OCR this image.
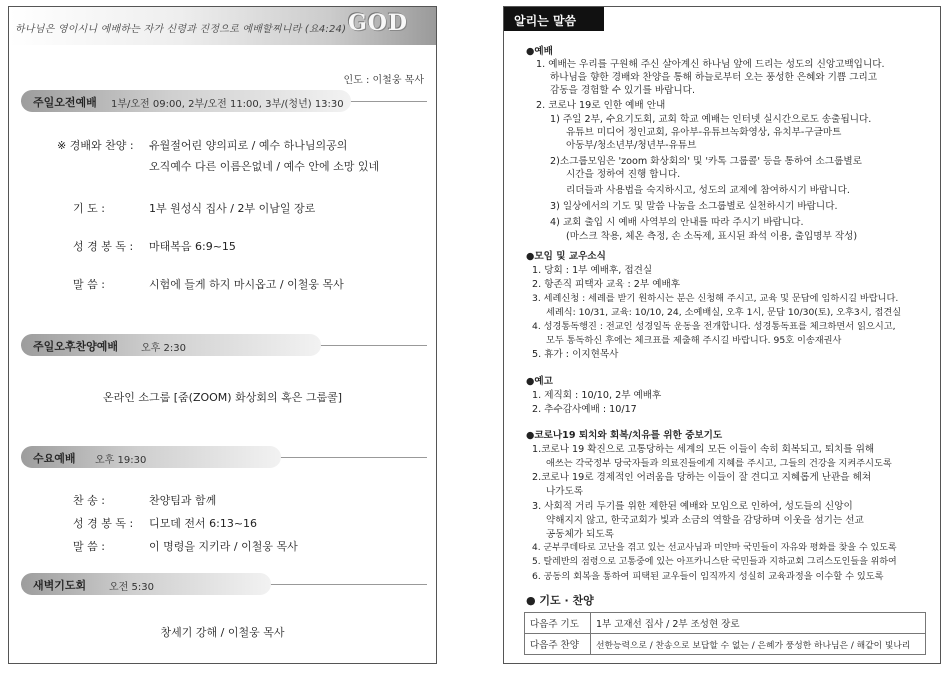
하나님은 영이시니 예배하는 자가 신령과 진정으로 예배할찌니라 (요4:24) GOD
인도 : 이철웅 목사
주일오전예배 1부/오전 09:00, 2부/오전 11:00, 3부/(청년) 13:30
※ 경배와 찬양 : 유월절어린 양의피로 / 예수 하나님의공의
오직예수 다른 이름은없네 / 예수 안에 소망 있네
기 도 :	1부 원성식 집사 / 2부 이남일 장로
성 경 봉 독 : 마태복음 6:9~15
말 씀 :	시험에 들게 하지 마시옵고 / 이철웅 목사
주일오후찬양예배 오후 2:30
온라인 소그룹 [줌(ZOOM) 화상회의 혹은 그룹콜]
수요예배 오후 19:30
찬 송 :	찬양팀과 함께
성 경 봉 독 : 디모데 전서 6:13~16
말 씀 :	이 명령을 지키라 / 이철웅 목사
새벽기도회 오전 5:30
창세기 강해 / 이철웅 목사
알리는 말씀
●예배
1. 예배는 우리를 구원해 주신 살아계신 하나님 앞에 드리는 성도의 신앙고백입니다.
하나님을 향한 경배와 찬양을 통해 하늘로부터 오는 풍성한 은혜와 기쁨 그리고
감동을 경험할 수 있기를 바랍니다.
2. 코로나 19로 인한 예배 안내
1) 주일 2부, 수요기도회, 교회 학교 예배는 인터넷 실시간으로도 송출됩니다.
유튜브 미디어 정인교회, 유아부-유튜브녹화영상, 유치부-구글마트
아동부/청소년부/청년부-유튜브
2)소그룹모임은 'zoom 화상회의' 및 '카톡 그룹콜' 등을 통하여 소그룹별로
시간을 정하여 진행 합니다.
리더들과 사용법을 숙지하시고, 성도의 교제에 참여하시기 바랍니다.
3) 일상에서의 기도 및 말씀 나눔을 소그룹별로 실천하시기 바랍니다.
4) 교회 출입 시 예배 사역부의 안내를 따라 주시기 바랍니다.
(마스크 착용, 체온 측정, 손 소독제, 표시된 좌석 이용, 출입명부 작성)
●모임 및 교우소식
1. 당회 : 1부 예배후, 접견실
2. 항존직 피택자 교육 : 2부 예배후
3. 세례신청 : 세례를 받기 원하시는 분은 신청해 주시고, 교육 및 문답에 임하시길 바랍니다.
세례식: 10/31, 교육: 10/10, 24, 소예배실, 오후 1시, 문답 10/30(토), 오후3시, 접견실
4. 성경통독행진 : 전교인 성경일독 운동을 전개합니다. 성경통독표를 체크하면서 읽으시고,
모두 통독하신 후에는 체크표를 제출해 주시길 바랍니다. 95호 이송재권사
5. 휴가 : 이지현목사
●예고
1. 제직회 : 10/10, 2부 예배후
2. 추수감사예배 : 10/17
●코로나19 퇴치와 회복/치유를 위한 중보기도
1.코로나 19 확진으로 고통당하는 세계의 모든 이들이 속히 회복되고, 퇴치를 위해
애쓰는 각국정부 당국자들과 의료진들에게 지혜를 주시고, 그들의 건강을 지켜주시도록
2.코로나 19로 경제적인 어려움을 당하는 이들이 잘 견디고 지혜롭게 난관을 헤쳐
나가도록
3. 사회적 거리 두기를 위한 제한된 예배와 모임으로 인하여, 성도들의 신앙이
약해지지 않고, 한국교회가 빛과 소금의 역할을 감당하며 이웃을 섬기는 선교
공동체가 되도록
4. 군부쿠데타로 고난을 겪고 있는 선교사님과 미얀마 국민들이 자유와 평화를 찾을 수 있도록
5. 탈레반의 점령으로 고통중에 있는 아프카니스탄 국민들과 지하교회 그리스도인들을 위하여
6. 공동의 회복을 통하여 피택된 교우들이 임직까지 성실히 교육과정을 이수할 수 있도록
● 기도 · 찬양
다음주 기도	1부 고재선 집사 / 2부 조성현 장로
다음주 찬양	선한능력으로 / 찬송으로 보답할 수 없는 / 은혜가 풍성한 하나님은 / 해같이 빛나리
